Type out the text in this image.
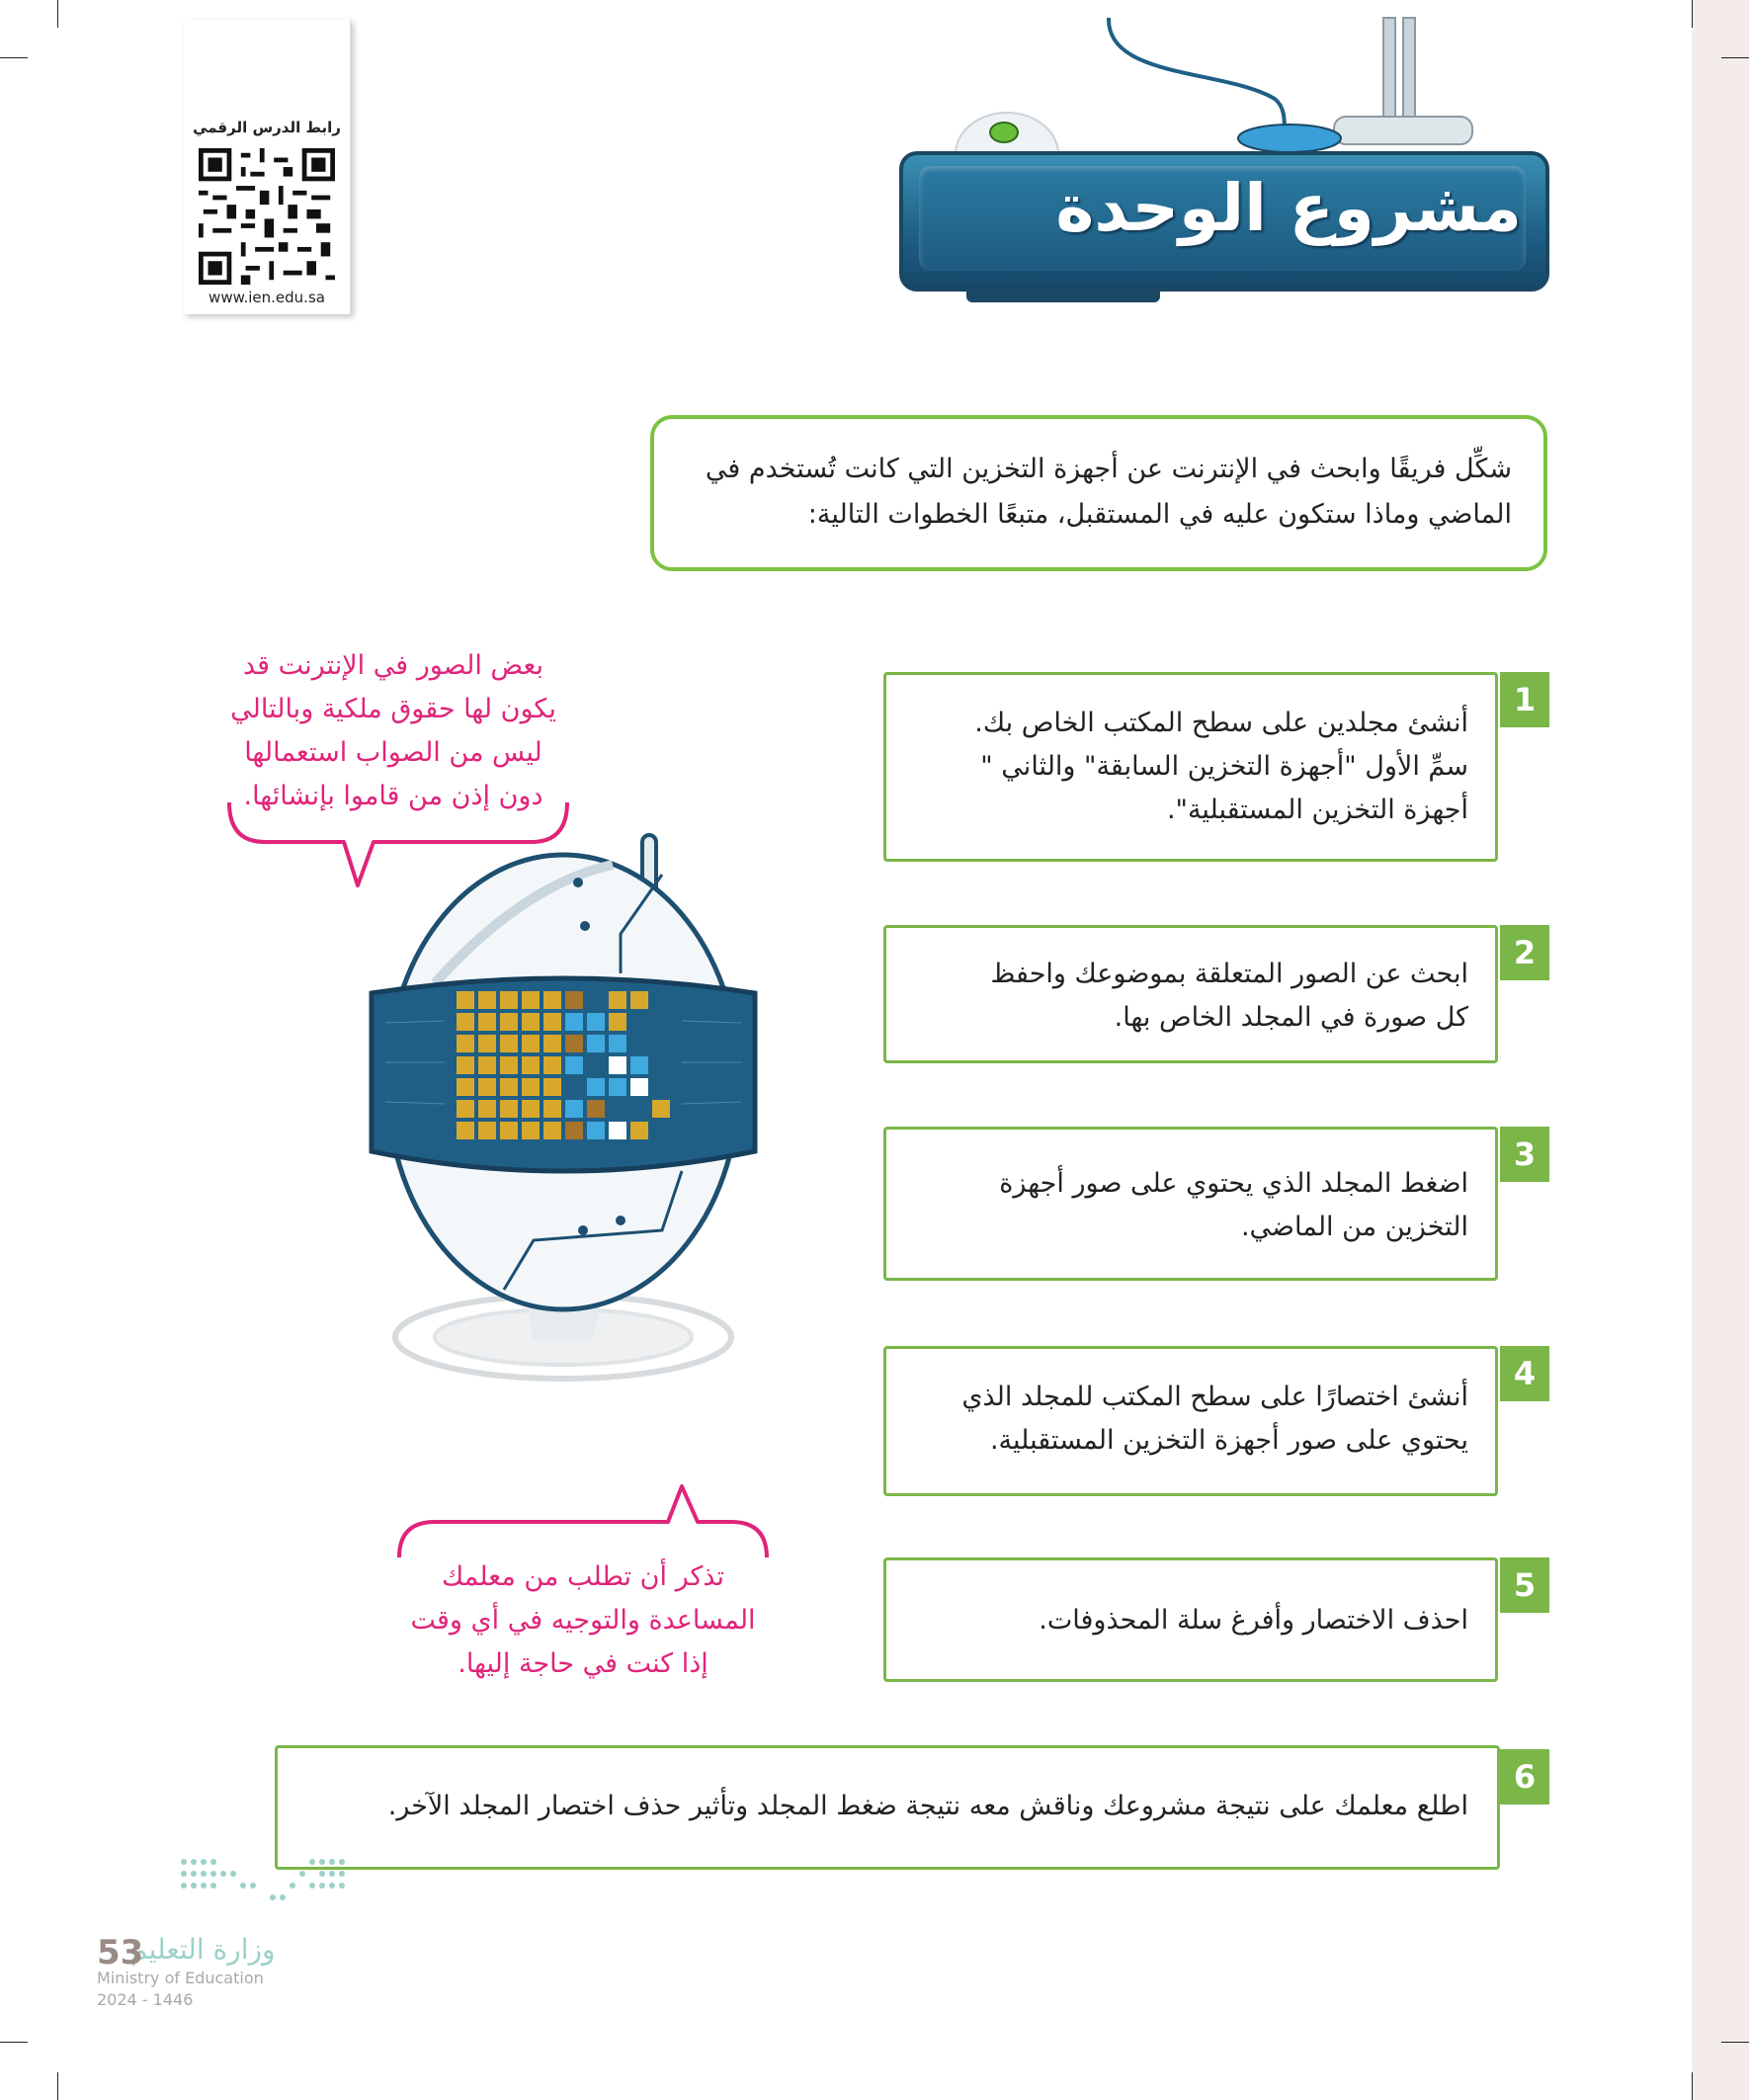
رابط الدرس الرقمي
www.ien.edu.sa
مشروع الوحدة
شكِّل فريقًا وابحث في الإنترنت عن أجهزة التخزين التي كانت تُستخدم في الماضي وماذا ستكون عليه في المستقبل، متبعًا الخطوات التالية:
بعض الصور في الإنترنت قد
يكون لها حقوق ملكية وبالتالي
ليس من الصواب استعمالها
دون إذن من قاموا بإنشائها.
تذكر أن تطلب من معلمك
المساعدة والتوجيه في أي وقت
إذا كنت في حاجة إليها.
1
أنشئ مجلدين على سطح المكتب الخاص بك.
سمِّ الأول "أجهزة التخزين السابقة" والثاني "
أجهزة التخزين المستقبلية".
2
ابحث عن الصور المتعلقة بموضوعك واحفظ
كل صورة في المجلد الخاص بها.
3
اضغط المجلد الذي يحتوي على صور أجهزة
التخزين من الماضي.
4
أنشئ اختصارًا على سطح المكتب للمجلد الذي
يحتوي على صور أجهزة التخزين المستقبلية.
5
احذف الاختصار وأفرغ سلة المحذوفات.
6
اطلع معلمك على نتيجة مشروعك وناقش معه نتيجة ضغط المجلد وتأثير حذف اختصار المجلد الآخر.
وزارة التعليم
53
Ministry of Education
2024 - 1446
